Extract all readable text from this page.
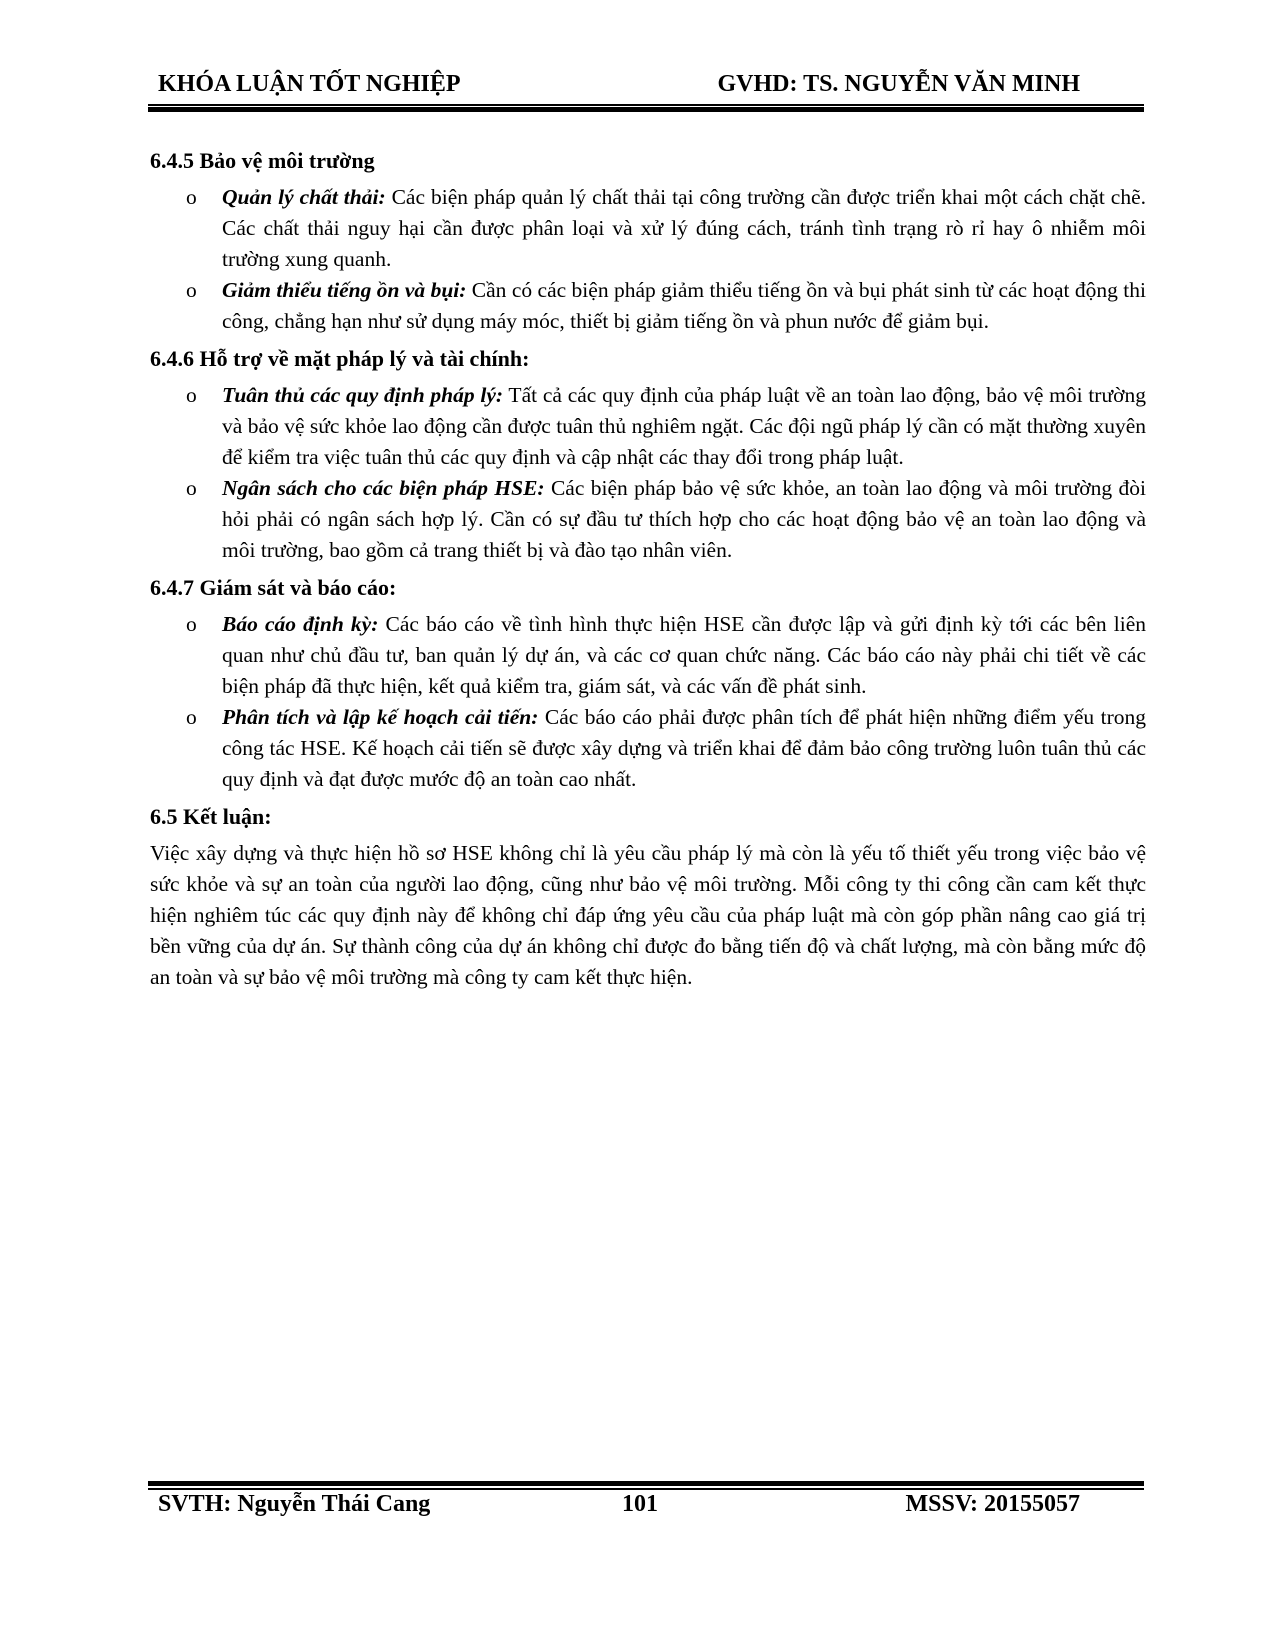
KHÓA LUẬN TỐT NGHIỆP	GVHD: TS. NGUYỄN VĂN MINH
6.4.5 Bảo vệ môi trường
o Quản lý chất thải: Các biện pháp quản lý chất thải tại công trường cần được triển khai một cách chặt chẽ. Các chất thải nguy hại cần được phân loại và xử lý đúng cách, tránh tình trạng rò rỉ hay ô nhiễm môi trường xung quanh.
o Giảm thiểu tiếng ồn và bụi: Cần có các biện pháp giảm thiểu tiếng ồn và bụi phát sinh từ các hoạt động thi công, chẳng hạn như sử dụng máy móc, thiết bị giảm tiếng ồn và phun nước để giảm bụi.
6.4.6 Hỗ trợ về mặt pháp lý và tài chính:
o Tuân thủ các quy định pháp lý: Tất cả các quy định của pháp luật về an toàn lao động, bảo vệ môi trường và bảo vệ sức khỏe lao động cần được tuân thủ nghiêm ngặt. Các đội ngũ pháp lý cần có mặt thường xuyên để kiểm tra việc tuân thủ các quy định và cập nhật các thay đổi trong pháp luật.
o Ngân sách cho các biện pháp HSE: Các biện pháp bảo vệ sức khỏe, an toàn lao động và môi trường đòi hỏi phải có ngân sách hợp lý. Cần có sự đầu tư thích hợp cho các hoạt động bảo vệ an toàn lao động và môi trường, bao gồm cả trang thiết bị và đào tạo nhân viên.
6.4.7 Giám sát và báo cáo:
o Báo cáo định kỳ: Các báo cáo về tình hình thực hiện HSE cần được lập và gửi định kỳ tới các bên liên quan như chủ đầu tư, ban quản lý dự án, và các cơ quan chức năng. Các báo cáo này phải chi tiết về các biện pháp đã thực hiện, kết quả kiểm tra, giám sát, và các vấn đề phát sinh.
o Phân tích và lập kế hoạch cải tiến: Các báo cáo phải được phân tích để phát hiện những điểm yếu trong công tác HSE. Kế hoạch cải tiến sẽ được xây dựng và triển khai để đảm bảo công trường luôn tuân thủ các quy định và đạt được mước độ an toàn cao nhất.
6.5 Kết luận:

Việc xây dựng và thực hiện hồ sơ HSE không chỉ là yêu cầu pháp lý mà còn là yếu tố thiết yếu trong việc bảo vệ sức khỏe và sự an toàn của người lao động, cũng như bảo vệ môi trường. Mỗi công ty thi công cần cam kết thực hiện nghiêm túc các quy định này để không chỉ đáp ứng yêu cầu của pháp luật mà còn góp phần nâng cao giá trị bền vững của dự án. Sự thành công của dự án không chỉ được đo bằng tiến độ và chất lượng, mà còn bằng mức độ an toàn và sự bảo vệ môi trường mà công ty cam kết thực hiện.

SVTH: Nguyễn Thái Cang	101	MSSV: 20155057
